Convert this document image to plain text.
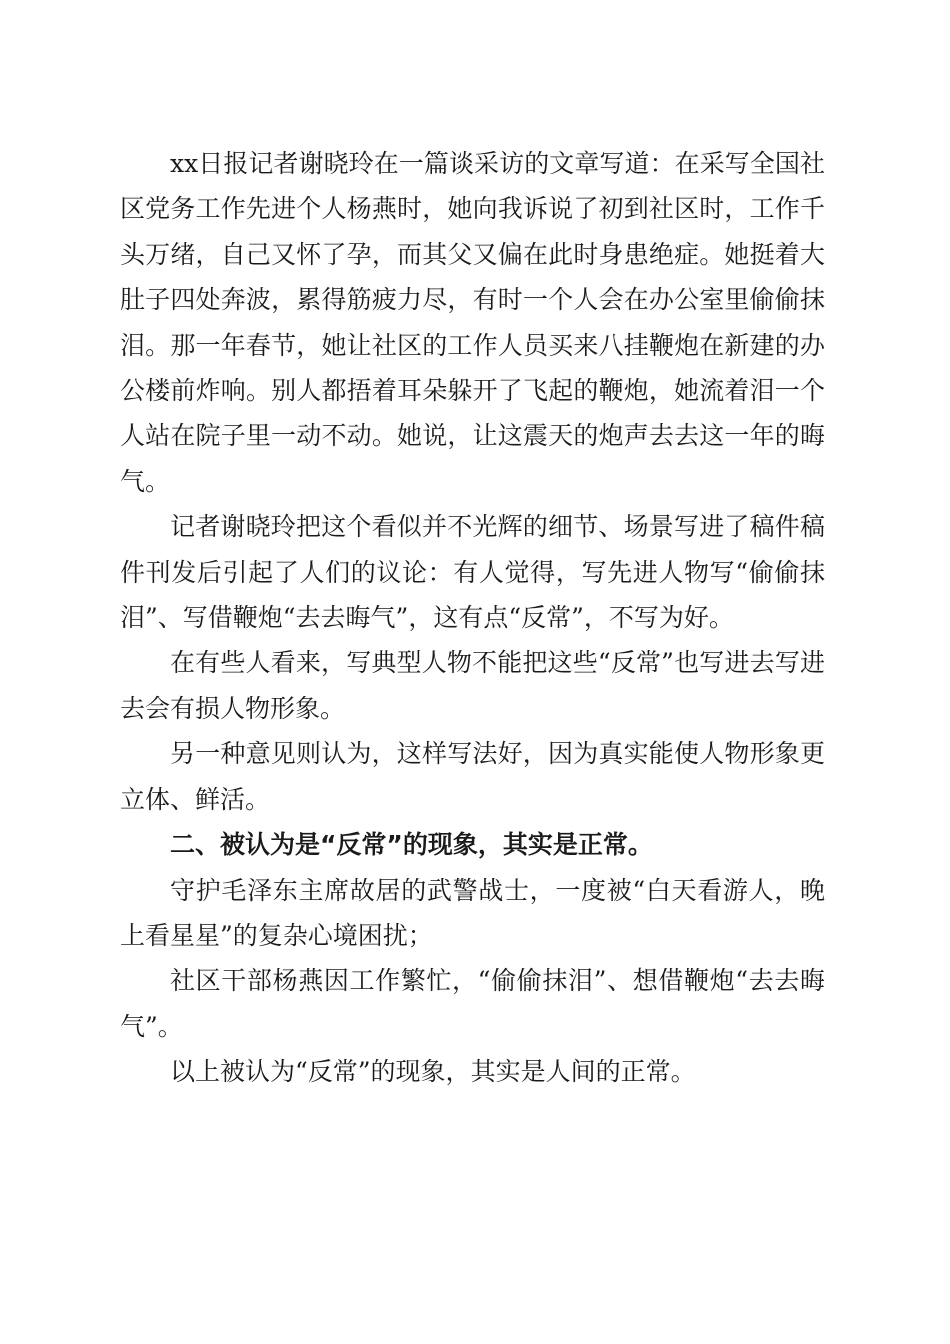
xx日报记者谢晓玲在一篇谈采访的文章写道：在采写全国社区党务工作先进个人杨燕时，她向我诉说了初到社区时，工作千头万绪，自己又怀了孕，而其父又偏在此时身患绝症。她挺着大肚子四处奔波，累得筋疲力尽，有时一个人会在办公室里偷偷抹泪。那一年春节，她让社区的工作人员买来八挂鞭炮在新建的办公楼前炸响。别人都捂着耳朵躲开了飞起的鞭炮，她流着泪一个人站在院子里一动不动。她说，让这震天的炮声去去这一年的晦气。

记者谢晓玲把这个看似并不光辉的细节、场景写进了稿件稿件刊发后引起了人们的议论：有人觉得，写先进人物写“偷偷抹泪”、写借鞭炮“去去晦气”，这有点“反常”，不写为好。

在有些人看来，写典型人物不能把这些“反常”也写进去写进去会有损人物形象。

另一种意见则认为，这样写法好，因为真实能使人物形象更立体、鲜活。

二、被认为是“反常”的现象，其实是正常。

守护毛泽东主席故居的武警战士，一度被“白天看游人，晚上看星星”的复杂心境困扰；

社区干部杨燕因工作繁忙，“偷偷抹泪”、想借鞭炮“去去晦气”。

以上被认为“反常”的现象，其实是人间的正常。
